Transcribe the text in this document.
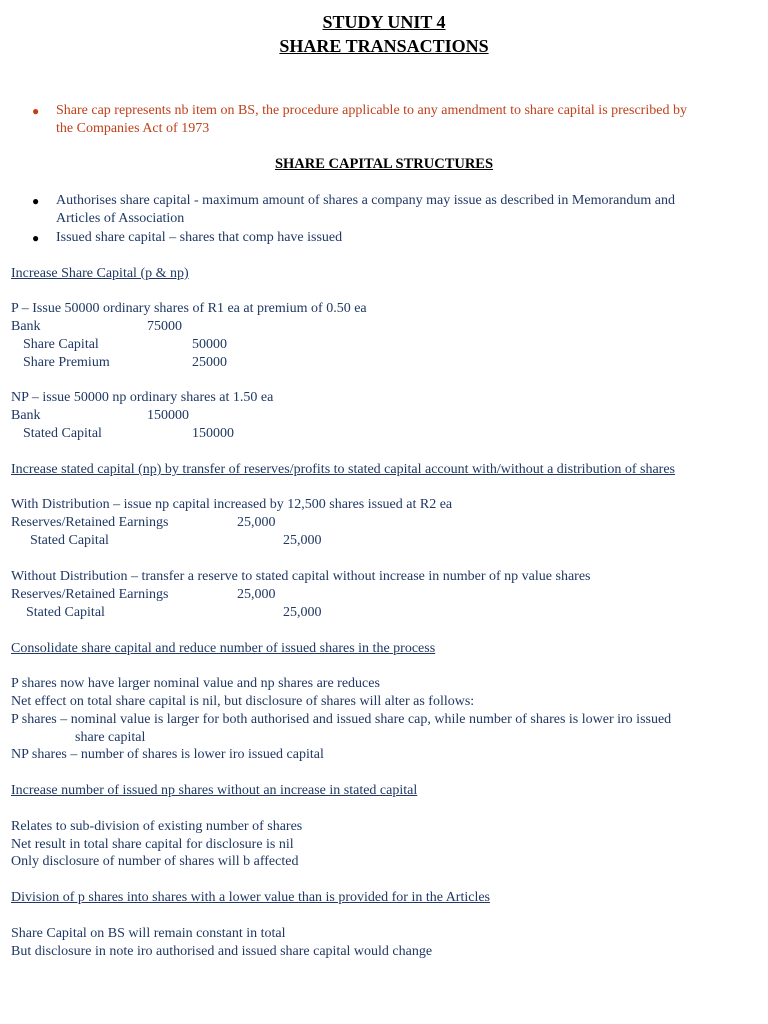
STUDY UNIT 4
SHARE TRANSACTIONS
● Share cap represents nb item on BS, the procedure applicable to any amendment to share capital is prescribed by
the Companies Act of 1973
SHARE CAPITAL STRUCTURES
● Authorises share capital - maximum amount of shares a company may issue as described in Memorandum and
Articles of Association
● Issued share capital – shares that comp have issued
Increase Share Capital (p & np)
P – Issue 50000 ordinary shares of R1 ea at premium of 0.50 ea
Bank	75000
Share Capital	50000
Share Premium	25000
NP – issue 50000 np ordinary shares at 1.50 ea
Bank	150000
Stated Capital	150000
Increase stated capital (np) by transfer of reserves/profits to stated capital account with/without a distribution of shares
With Distribution – issue np capital increased by 12,500 shares issued at R2 ea
Reserves/Retained Earnings	25,000
Stated Capital	25,000
Without Distribution – transfer a reserve to stated capital without increase in number of np value shares
Reserves/Retained Earnings	25,000
Stated Capital	25,000
Consolidate share capital and reduce number of issued shares in the process
P shares now have larger nominal value and np shares are reduces
Net effect on total share capital is nil, but disclosure of shares will alter as follows:
P shares – nominal value is larger for both authorised and issued share cap, while number of shares is lower iro issued
share capital
NP shares – number of shares is lower iro issued capital
Increase number of issued np shares without an increase in stated capital
Relates to sub-division of existing number of shares
Net result in total share capital for disclosure is nil
Only disclosure of number of shares will b affected
Division of p shares into shares with a lower value than is provided for in the Articles
Share Capital on BS will remain constant in total
But disclosure in note iro authorised and issued share capital would change
